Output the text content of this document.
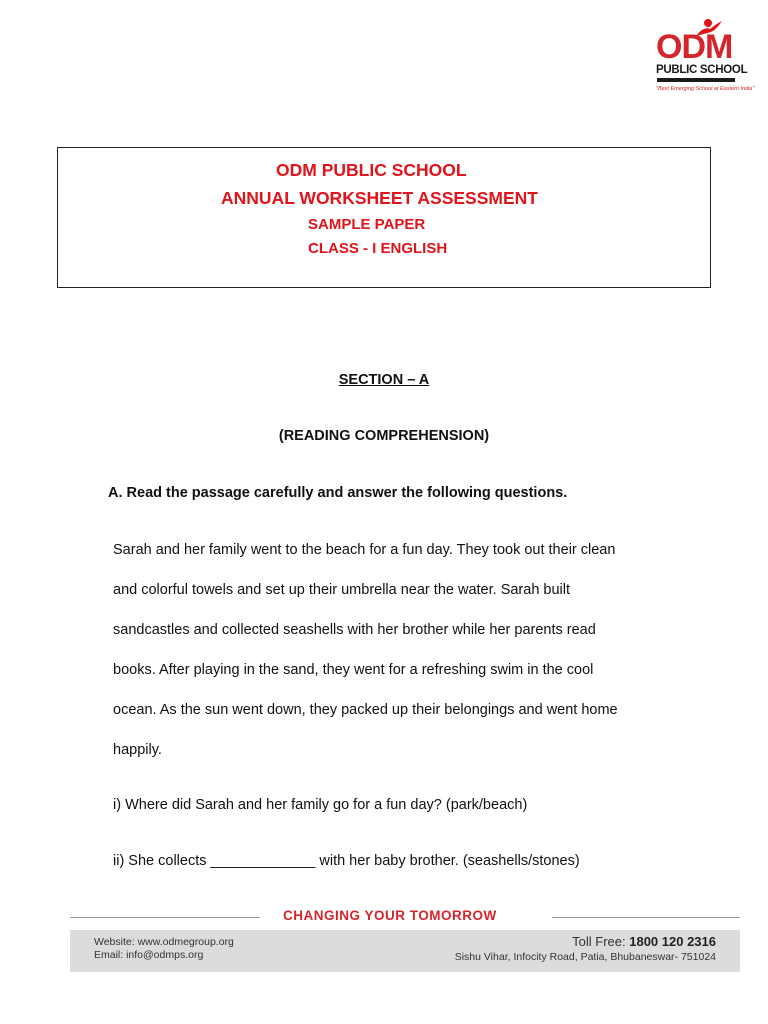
ODM
PUBLIC SCHOOL
"Best Emerging School at Eastern India"
ODM PUBLIC SCHOOL
ANNUAL WORKSHEET ASSESSMENT
SAMPLE PAPER
CLASS - I ENGLISH
SECTION – A
(READING COMPREHENSION)
A. Read the passage carefully and answer the following questions.
Sarah and her family went to the beach for a fun day. They took out their clean
and colorful towels and set up their umbrella near the water. Sarah built
sandcastles and collected seashells with her brother while her parents read
books. After playing in the sand, they went for a refreshing swim in the cool
ocean. As the sun went down, they packed up their belongings and went home
happily.
i) Where did Sarah and her family go for a fun day? (park/beach)
ii) She collects _____________ with her baby brother. (seashells/stones)
CHANGING YOUR TOMORROW
Website: www.odmegroup.org
Email: info@odmps.org
Toll Free: 1800 120 2316
Sishu Vihar, Infocity Road, Patia, Bhubaneswar- 751024
